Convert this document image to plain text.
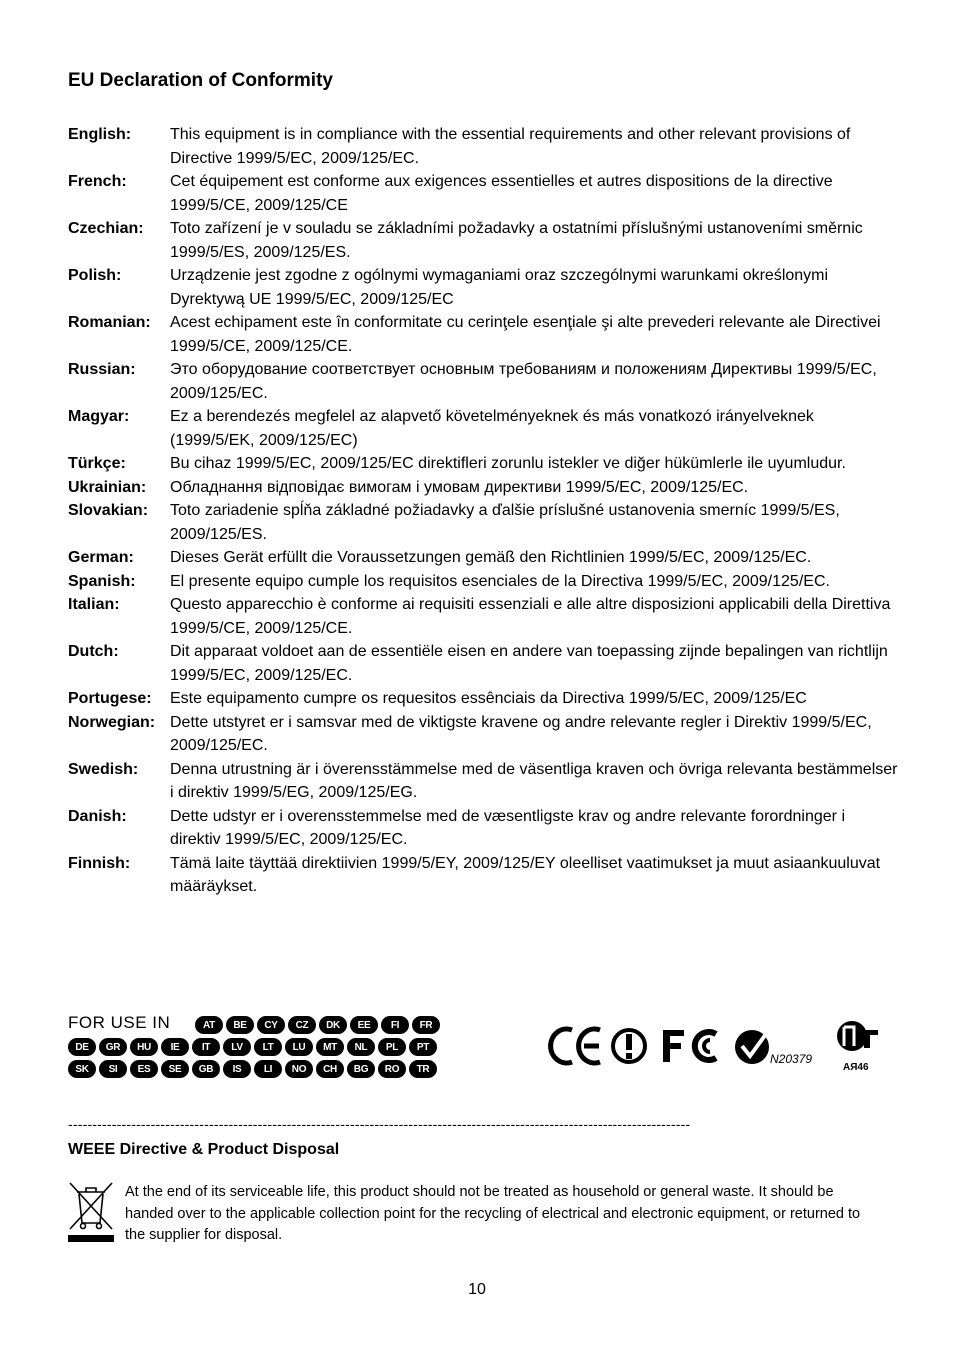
EU Declaration of Conformity
English:	This equipment is in compliance with the essential requirements and other relevant provisions of Directive 1999/5/EC, 2009/125/EC.
French:	Cet équipement est conforme aux exigences essentielles et autres dispositions de la directive 1999/5/CE, 2009/125/CE
Czechian:	Toto zařízení je v souladu se základními požadavky a ostatními příslušnými ustanoveními směrnic 1999/5/ES, 2009/125/ES.
Polish:	Urządzenie jest zgodne z ogólnymi wymaganiami oraz szczególnymi warunkami określonymi Dyrektywą UE 1999/5/EC, 2009/125/EC
Romanian:	Acest echipament este în conformitate cu cerinţele esenţiale şi alte prevederi relevante ale Directivei 1999/5/CE, 2009/125/CE.
Russian:	Это оборудование соответствует основным требованиям и положениям Директивы 1999/5/EC, 2009/125/EC.
Magyar:	Ez a berendezés megfelel az alapvető követelményeknek és más vonatkozó irányelveknek (1999/5/EK, 2009/125/EC)
Türkçe:	Bu cihaz 1999/5/EC, 2009/125/EC direktifleri zorunlu istekler ve diğer hükümlerle ile uyumludur.
Ukrainian:	Обладнання відповідає вимогам і умовам директиви 1999/5/EC, 2009/125/EC.
Slovakian:	Toto zariadenie spĺňa základné požiadavky a ďalšie príslušné ustanovenia smerníc 1999/5/ES, 2009/125/ES.
German:	Dieses Gerät erfüllt die Voraussetzungen gemäß den Richtlinien 1999/5/EC, 2009/125/EC.
Spanish:	El presente equipo cumple los requisitos esenciales de la Directiva 1999/5/EC, 2009/125/EC.
Italian:	Questo apparecchio è conforme ai requisiti essenziali e alle altre disposizioni applicabili della Direttiva 1999/5/CE, 2009/125/CE.
Dutch:	Dit apparaat voldoet aan de essentiële eisen en andere van toepassing zijnde bepalingen van richtlijn 1999/5/EC, 2009/125/EC.
Portugese:	Este equipamento cumpre os requesitos essênciais da Directiva 1999/5/EC, 2009/125/EC
Norwegian: Dette utstyret er i samsvar med de viktigste kravene og andre relevante regler i Direktiv 1999/5/EC, 2009/125/EC.
Swedish:	Denna utrustning är i överensstämmelse med de väsentliga kraven och övriga relevanta bestämmelser i direktiv 1999/5/EG, 2009/125/EG.
Danish:	Dette udstyr er i overensstemmelse med de væsentligste krav og andre relevante forordninger i direktiv 1999/5/EC, 2009/125/EC.
Finnish:	Tämä laite täyttää direktiivien 1999/5/EY, 2009/125/EY oleelliset vaatimukset ja muut asiaankuuluvat määräykset.
FOR USE IN	AT	BE	CY	CZ	DK	EE	FI	FR
DE	GR	HU	IE	IT	LV	LT	LU	MT	NL	PL	PT
SK	SI	ES	SE	GB	IS	LI	NO	CH	BG	RO	TR
N20379
АЯ46
--------------------------------------------------------------------------------------------------------------------------------
WEEE Directive & Product Disposal
At the end of its serviceable life, this product should not be treated as household or general waste. It should be handed over to the applicable collection point for the recycling of electrical and electronic equipment, or returned to the supplier for disposal.
10
